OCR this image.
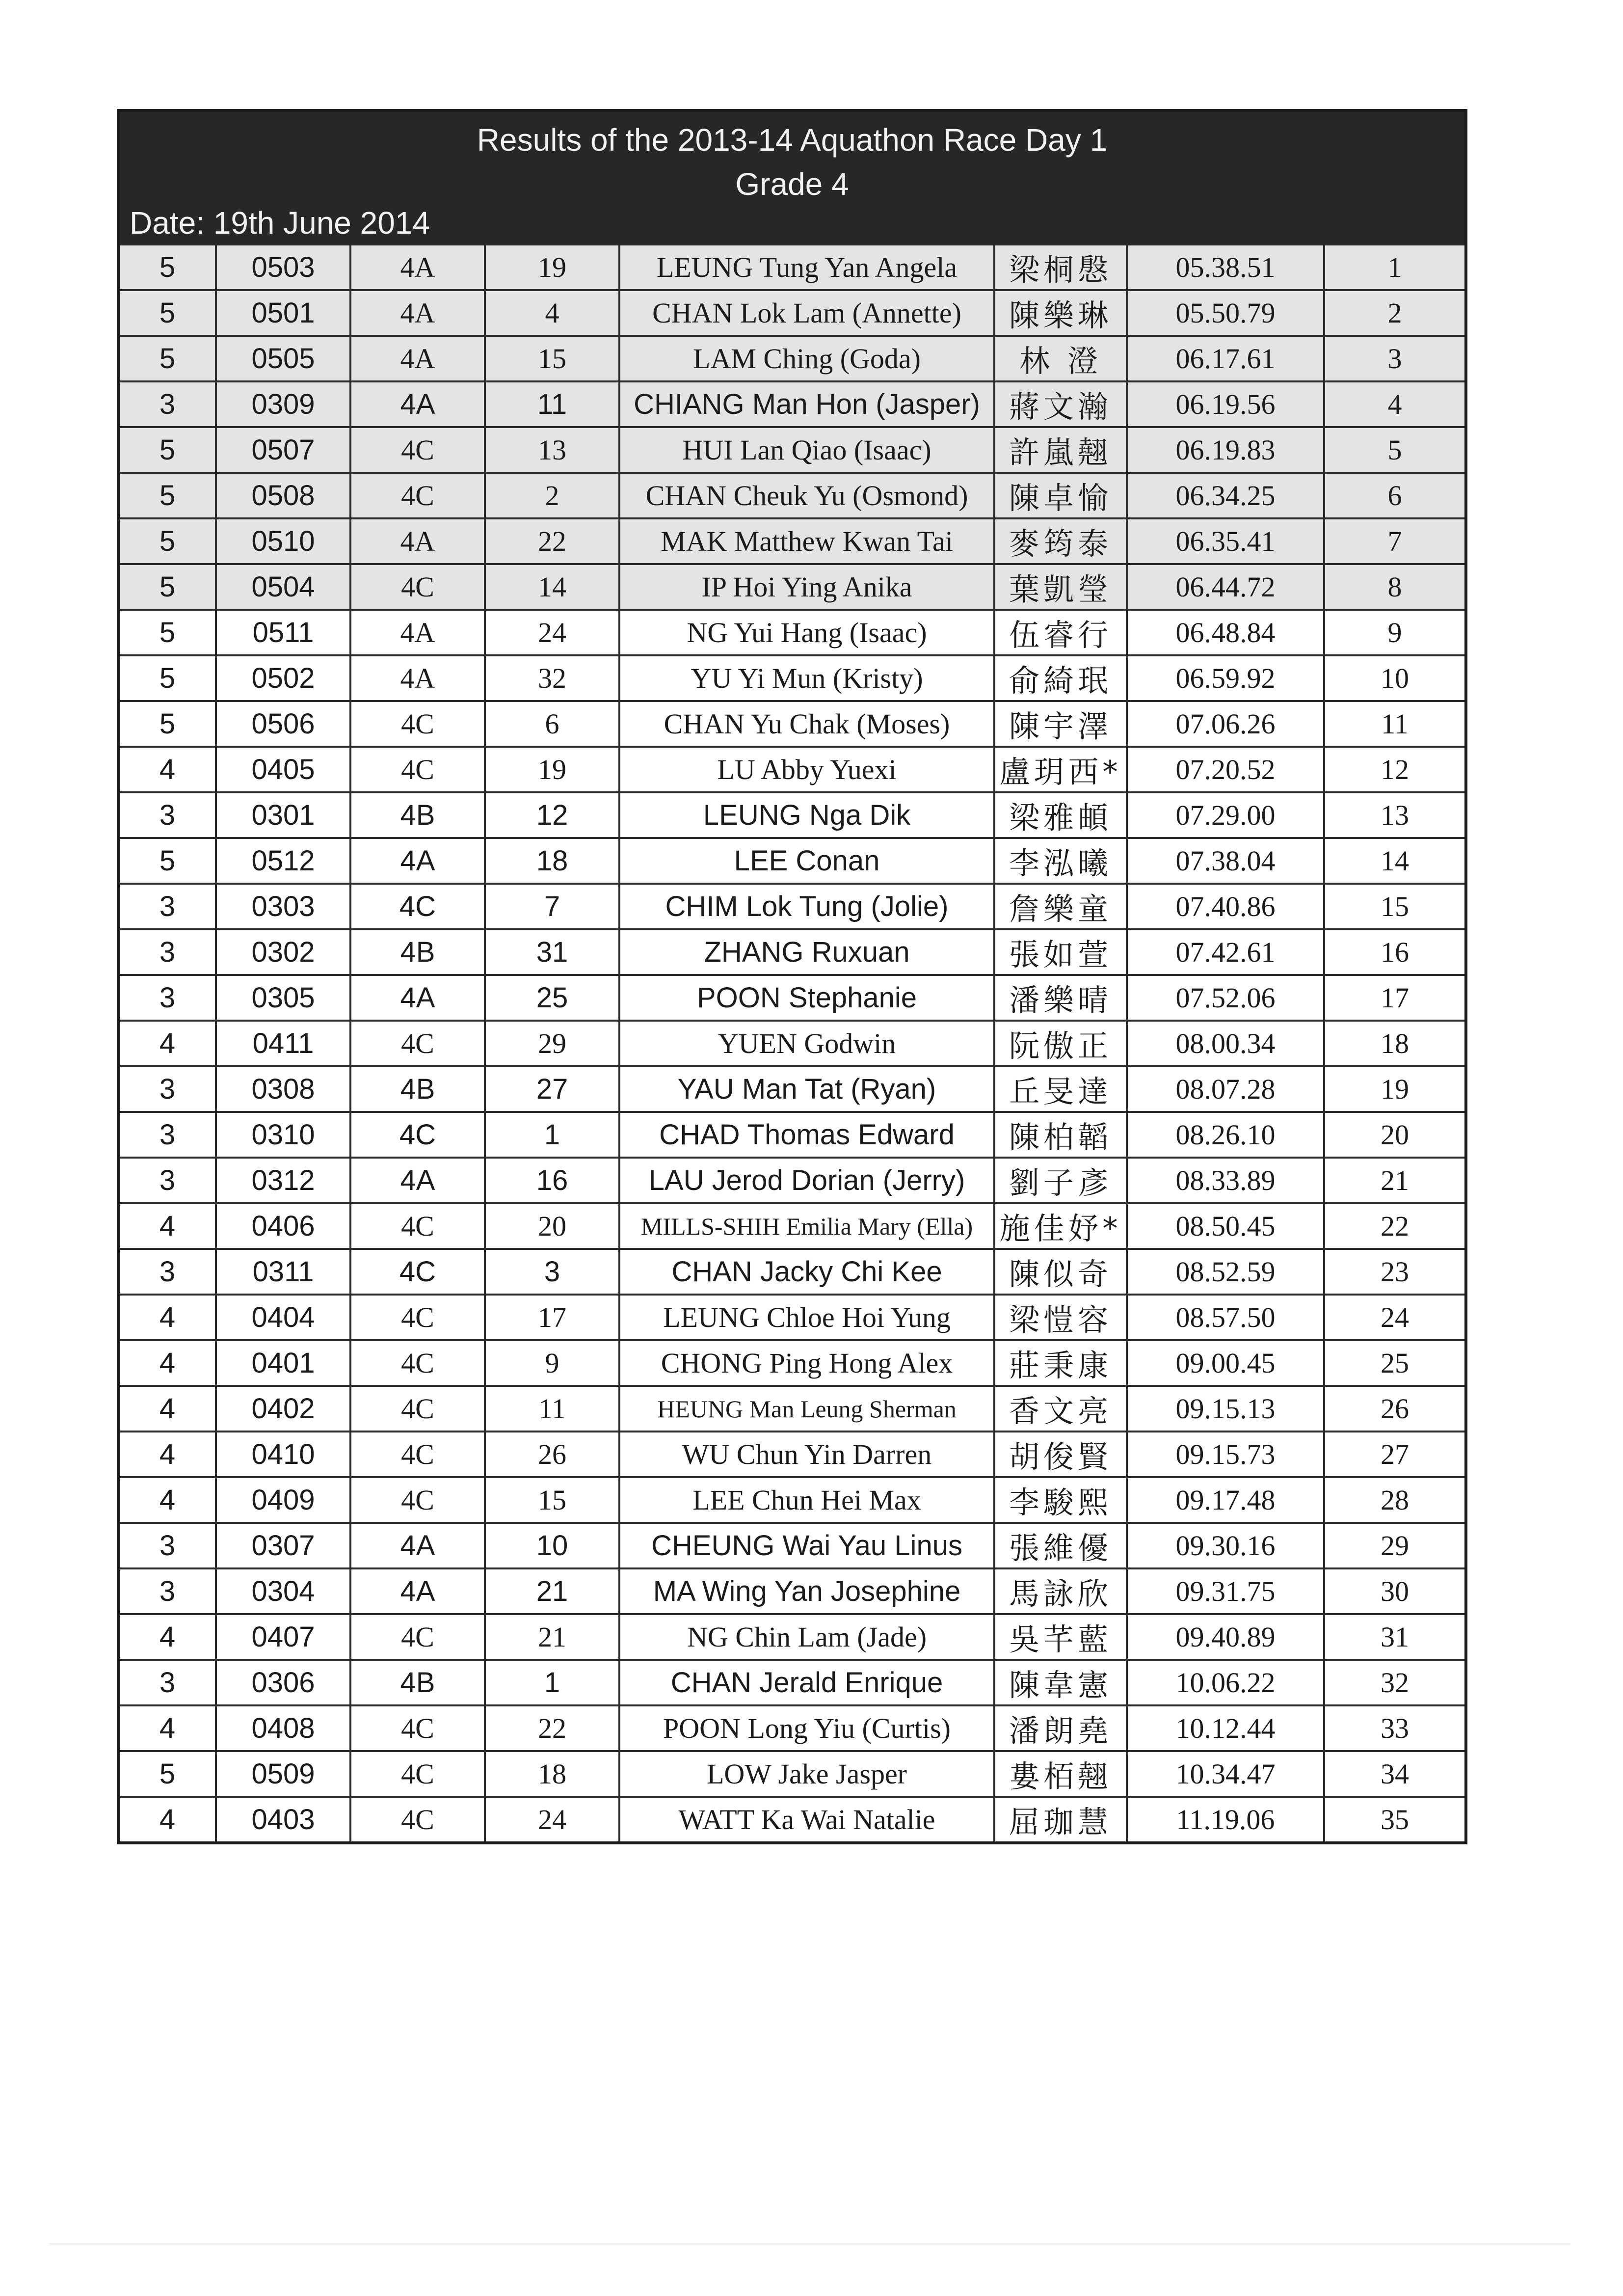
Results of the 2013-14 Aquathon Race Day 1
Grade 4
Date: 19th June 2014
5	0503	4A	19	LEUNG Tung Yan Angela	梁桐慇	05.38.51	1
5	0501	4A	4	CHAN Lok Lam (Annette)	陳樂琳	05.50.79	2
5	0505	4A	15	LAM Ching (Goda)	林 澄	06.17.61	3
3	0309	4A	11	CHIANG Man Hon (Jasper)	蔣文瀚	06.19.56	4
5	0507	4C	13	HUI Lan Qiao (Isaac)	許嵐翹	06.19.83	5
5	0508	4C	2	CHAN Cheuk Yu (Osmond)	陳卓愉	06.34.25	6
5	0510	4A	22	MAK Matthew Kwan Tai	麥筠泰	06.35.41	7
5	0504	4C	14	IP Hoi Ying Anika	葉凱瑩	06.44.72	8
5	0511	4A	24	NG Yui Hang (Isaac)	伍睿行	06.48.84	9
5	0502	4A	32	YU Yi Mun (Kristy)	俞綺珉	06.59.92	10
5	0506	4C	6	CHAN Yu Chak (Moses)	陳宇澤	07.06.26	11
4	0405	4C	19	LU Abby Yuexi	盧玥西*	07.20.52	12
3	0301	4B	12	LEUNG Nga Dik	梁雅頔	07.29.00	13
5	0512	4A	18	LEE Conan	李泓曦	07.38.04	14
3	0303	4C	7	CHIM Lok Tung (Jolie)	詹樂童	07.40.86	15
3	0302	4B	31	ZHANG Ruxuan	張如萱	07.42.61	16
3	0305	4A	25	POON Stephanie	潘樂晴	07.52.06	17
4	0411	4C	29	YUEN Godwin	阮傲正	08.00.34	18
3	0308	4B	27	YAU Man Tat (Ryan)	丘旻達	08.07.28	19
3	0310	4C	1	CHAD Thomas Edward	陳柏韜	08.26.10	20
3	0312	4A	16	LAU Jerod Dorian (Jerry)	劉子彥	08.33.89	21
4	0406	4C	20	MILLS-SHIH Emilia Mary (Ella)	施佳妤*	08.50.45	22
3	0311	4C	3	CHAN Jacky Chi Kee	陳似奇	08.52.59	23
4	0404	4C	17	LEUNG Chloe Hoi Yung	梁愷容	08.57.50	24
4	0401	4C	9	CHONG Ping Hong Alex	莊秉康	09.00.45	25
4	0402	4C	11	HEUNG Man Leung Sherman	香文亮	09.15.13	26
4	0410	4C	26	WU Chun Yin Darren	胡俊賢	09.15.73	27
4	0409	4C	15	LEE Chun Hei Max	李駿熙	09.17.48	28
3	0307	4A	10	CHEUNG Wai Yau Linus	張維優	09.30.16	29
3	0304	4A	21	MA Wing Yan Josephine	馬詠欣	09.31.75	30
4	0407	4C	21	NG Chin Lam (Jade)	吳芊藍	09.40.89	31
3	0306	4B	1	CHAN Jerald Enrique	陳韋憲	10.06.22	32
4	0408	4C	22	POON Long Yiu (Curtis)	潘朗堯	10.12.44	33
5	0509	4C	18	LOW Jake Jasper	婁栢翹	10.34.47	34
4	0403	4C	24	WATT Ka Wai Natalie	屈珈慧	11.19.06	35
